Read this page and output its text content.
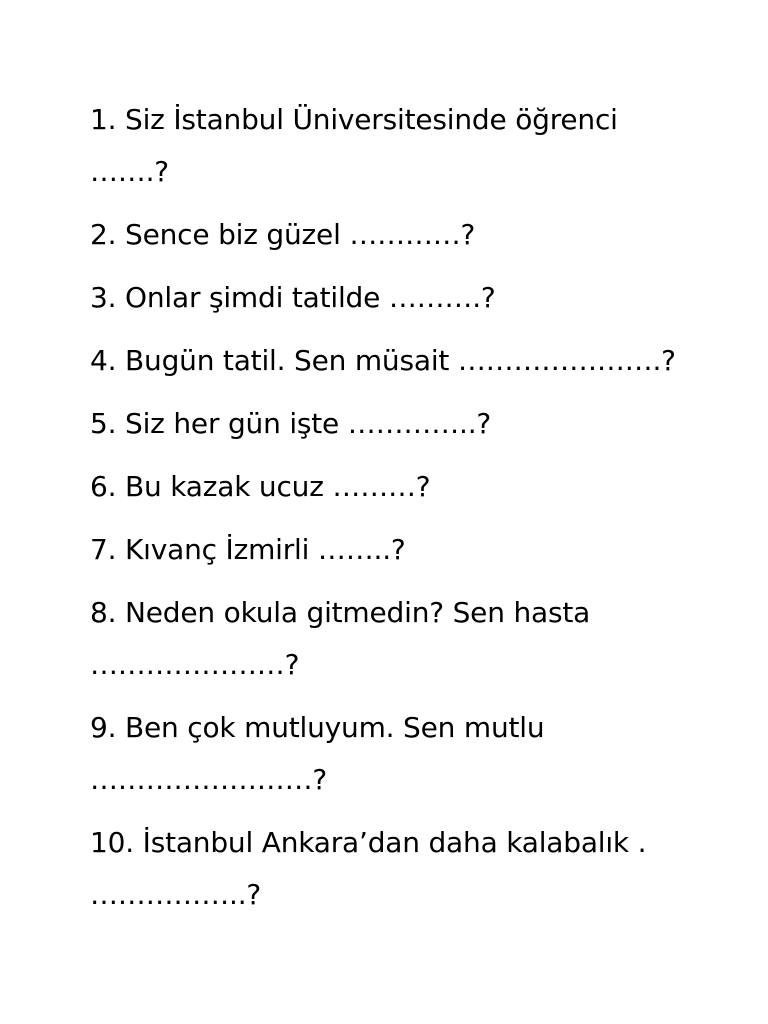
1. Siz İstanbul Üniversitesinde öğrenci
…….?
2. Sence biz güzel …………?
3. Onlar şimdi tatilde ……….?
4. Bugün tatil. Sen müsait ………………….?
5. Siz her gün işte …………..?
6. Bu kazak ucuz ………?
7. Kıvanç İzmirli ……..?
8. Neden okula gitmedin? Sen hasta
…………………?
9. Ben çok mutluyum. Sen mutlu
……………………?
10. İstanbul Ankara’dan daha kalabalık .
……………..?
